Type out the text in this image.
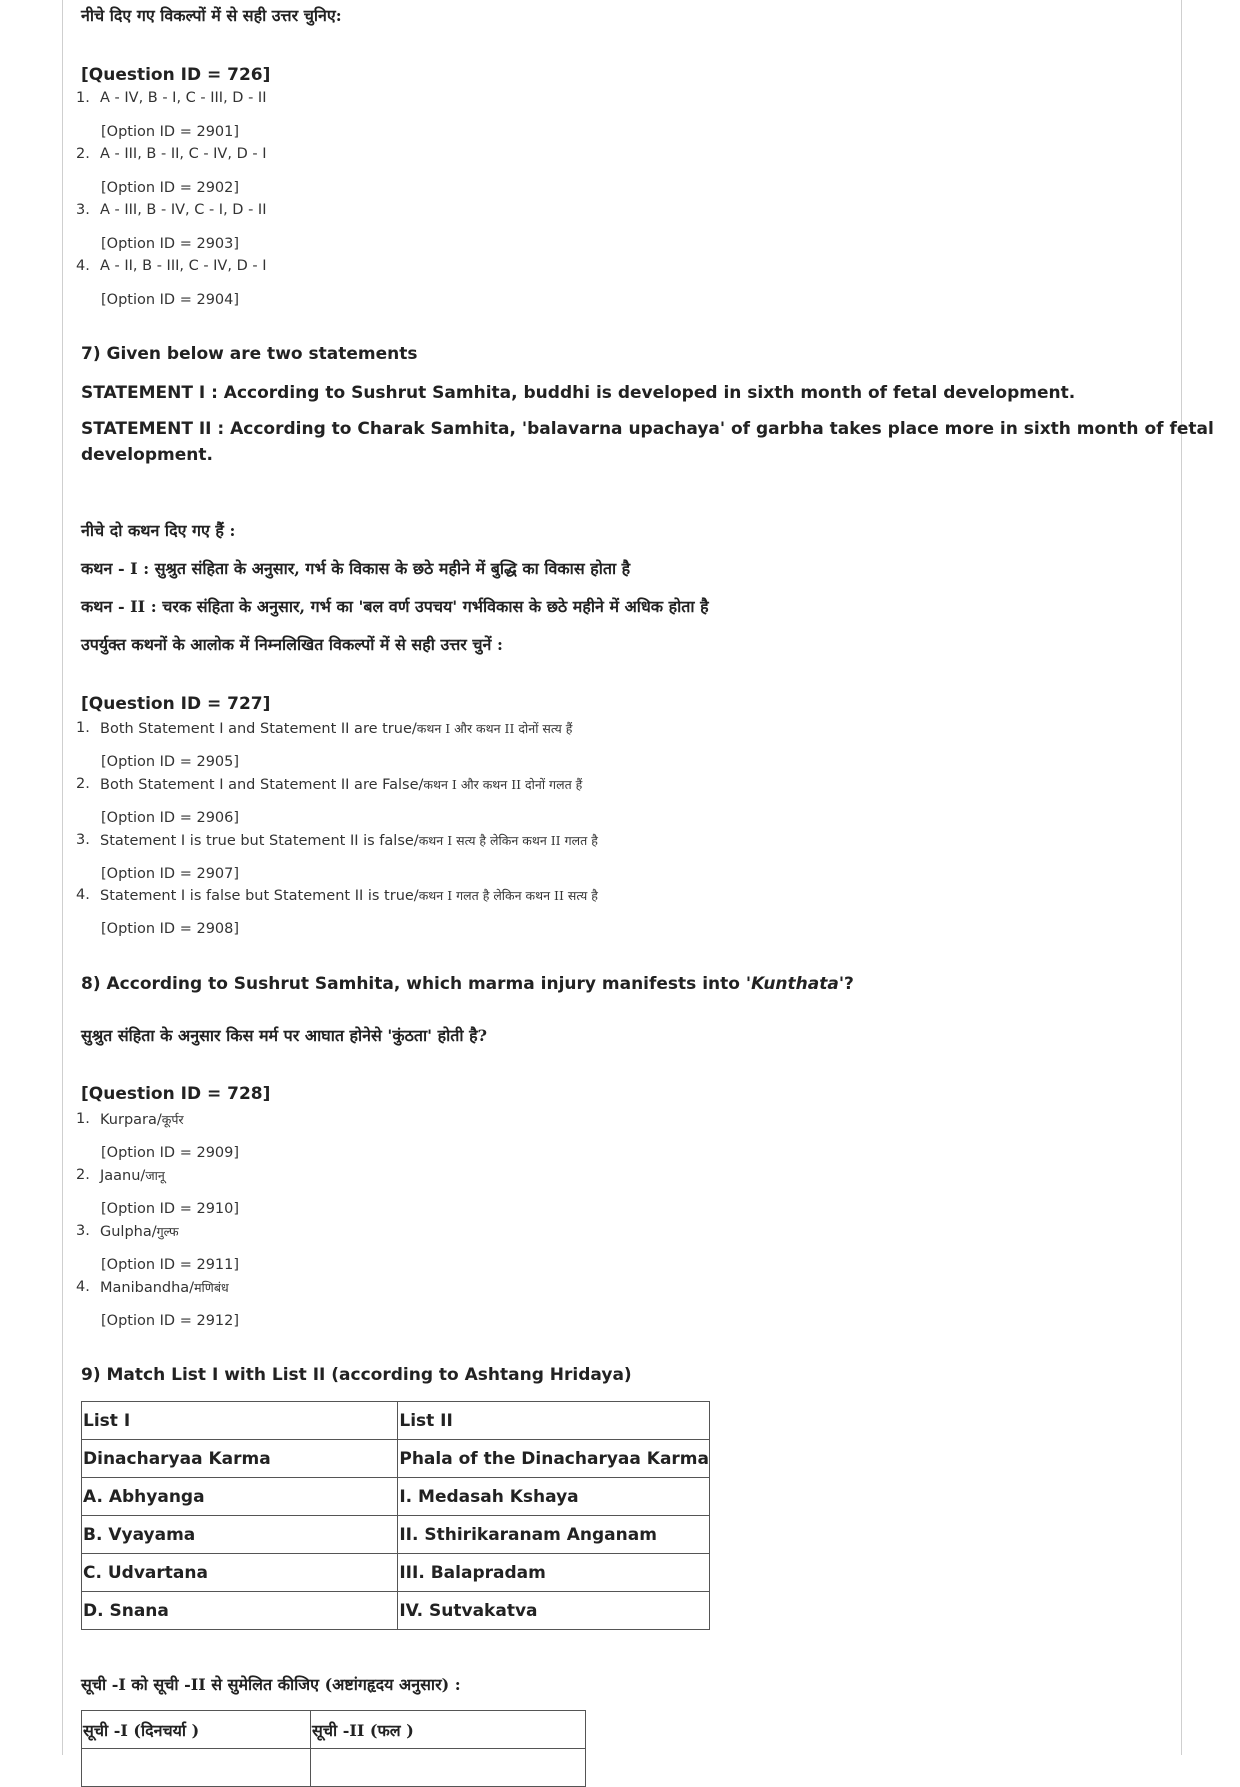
नीचे दिए गए विकल्पों में से सही उत्तर चुनिए:
[Question ID = 726]
1. A - IV, B - I, C - III, D - II
[Option ID = 2901]
2. A - III, B - II, C - IV, D - I
[Option ID = 2902]
3. A - III, B - IV, C - I, D - II
[Option ID = 2903]
4. A - II, B - III, C - IV, D - I
[Option ID = 2904]
7) Given below are two statements
STATEMENT I : According to Sushrut Samhita, buddhi is developed in sixth month of fetal development.
STATEMENT II : According to Charak Samhita, 'balavarna upachaya' of garbha takes place more in sixth month of fetal
development.
नीचे दो कथन दिए गए हैं :
कथन - I : सुश्रुत संहिता के अनुसार, गर्भ के विकास के छठे महीने में बुद्धि का विकास होता है
कथन - II : चरक संहिता के अनुसार, गर्भ का 'बल वर्ण उपचय' गर्भविकास के छठे महीने में अधिक होता है
उपर्युक्त कथनों के आलोक में निम्नलिखित विकल्पों में से सही उत्तर चुनें :
[Question ID = 727]
1. Both Statement I and Statement II are true/कथन I और कथन II दोनों सत्य हैं
[Option ID = 2905]
2. Both Statement I and Statement II are False/कथन I और कथन II दोनों गलत हैं
[Option ID = 2906]
3. Statement I is true but Statement II is false/कथन I सत्य है लेकिन कथन II गलत है
[Option ID = 2907]
4. Statement I is false but Statement II is true/कथन I गलत है लेकिन कथन II सत्य है
[Option ID = 2908]
8) According to Sushrut Samhita, which marma injury manifests into 'Kunthata'?
सुश्रुत संहिता के अनुसार किस मर्म पर आघात होनेसे 'कुंठता' होती है?
[Question ID = 728]
1. Kurpara/कूर्पर
[Option ID = 2909]
2. Jaanu/जानू
[Option ID = 2910]
3. Gulpha/गुल्फ
[Option ID = 2911]
4. Manibandha/मणिबंध
[Option ID = 2912]
9) Match List I with List II (according to Ashtang Hridaya)
List I	List II
Dinacharyaa Karma	Phala of the Dinacharyaa Karma
A. Abhyanga	I. Medasah Kshaya
B. Vyayama	II. Sthirikaranam Anganam
C. Udvartana	III. Balapradam
D. Snana	IV. Sutvakatva
सूची -I को सूची -II से सुमेलित कीजिए (अष्टांगहृदय अनुसार) :
सूची -I (दिनचर्या )	सूची -II (फल )
